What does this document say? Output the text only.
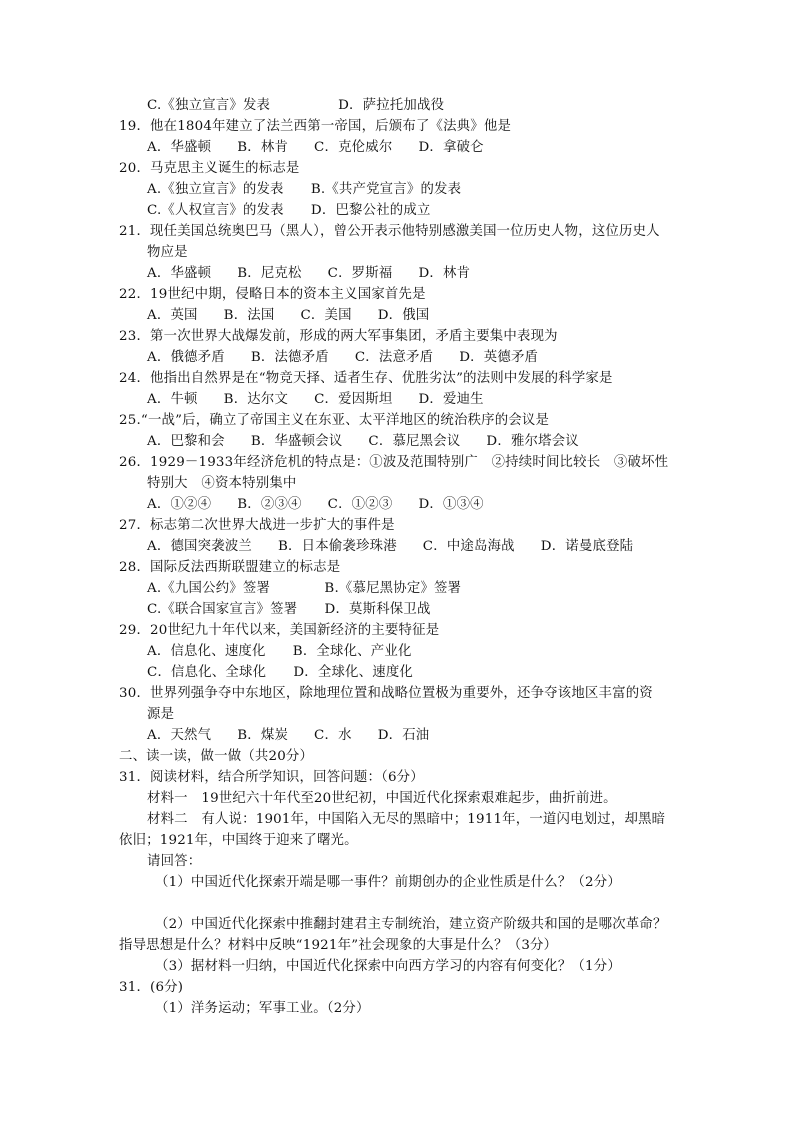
C.《独立宣言》发表　　　　　D．萨拉托加战役
19．他在1804年建立了法兰西第一帝国，后颁布了《法典》他是
A．华盛顿 B．林肯 C．克伦威尔 D．拿破仑
20．马克思主义诞生的标志是
A.《独立宣言》的发表　　B.《共产党宣言》的发表
C.《人权宣言》的发表　　D．巴黎公社的成立
21．现任美国总统奥巴马（黑人），曾公开表示他特别感激美国一位历史人物，这位历史人
物应是
A．华盛顿 B．尼克松 C．罗斯福 D．林肯
22．19世纪中期，侵略日本的资本主义国家首先是
A．英国 B．法国 C．美国 D．俄国
23．第一次世界大战爆发前，形成的两大军事集团，矛盾主要集中表现为
A．俄德矛盾 B．法德矛盾 C．法意矛盾 D．英德矛盾
24．他指出自然界是在“物竞天择、适者生存、优胜劣汰”的法则中发展的科学家是
A．牛顿 B．达尔文 C．爱因斯坦 D．爱迪生
25.“一战”后，确立了帝国主义在东亚、太平洋地区的统治秩序的会议是
A．巴黎和会 B．华盛顿会议 C．慕尼黑会议 D．雅尔塔会议
26．1929－1933年经济危机的特点是：①波及范围特别广　②持续时间比较长　③破坏性
特别大　④资本特别集中
A．①②④ B．②③④ C．①②③ D．①③④
27．标志第二次世界大战进一步扩大的事件是
A．德国突袭波兰 B．日本偷袭珍珠港 C．中途岛海战 D．诺曼底登陆
28．国际反法西斯联盟建立的标志是
A.《九国公约》签署　　　　B.《慕尼黑协定》签署
C.《联合国家宣言》签署　　D．莫斯科保卫战
29．20世纪九十年代以来，美国新经济的主要特征是
A．信息化、速度化　　B．全球化、产业化
C．信息化、全球化　　D．全球化、速度化
30．世界列强争夺中东地区，除地理位置和战略位置极为重要外，还争夺该地区丰富的资
源是
A．天然气 B．煤炭 C．水 D．石油
二、读一读，做一做（共20分）
31．阅读材料，结合所学知识，回答问题：（6分）
材料一　19世纪六十年代至20世纪初，中国近代化探索艰难起步，曲折前进。
材料二　有人说：1901年，中国陷入无尽的黑暗中；1911年，一道闪电划过，却黑暗
依旧；1921年，中国终于迎来了曙光。
请回答：
（1）中国近代化探索开端是哪一事件？前期创办的企业性质是什么？（2分）
（2）中国近代化探索中推翻封建君主专制统治，建立资产阶级共和国的是哪次革命？
指导思想是什么？材料中反映“1921年”社会现象的大事是什么？（3分）
（3）据材料一归纳，中国近代化探索中向西方学习的内容有何变化？（1分）
31．(6分)
（1）洋务运动；军事工业。（2分）
